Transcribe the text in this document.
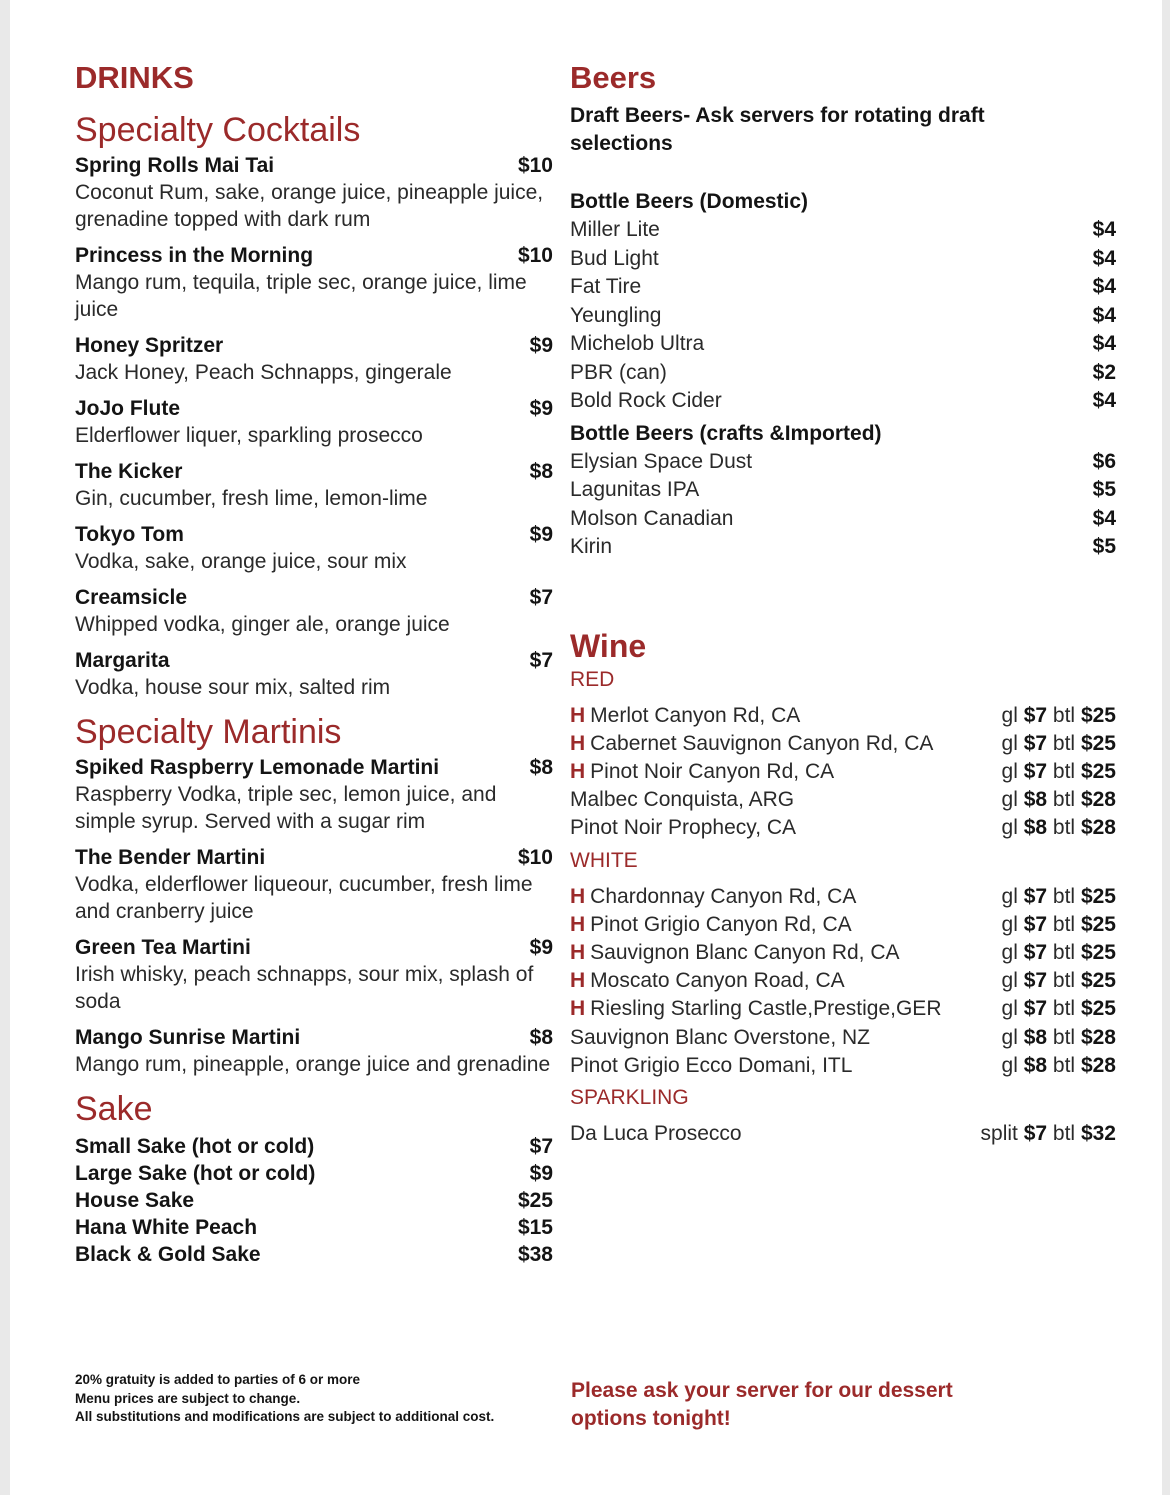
DRINKS
Specialty Cocktails
Spring Rolls Mai Tai	$10
Coconut Rum, sake, orange juice, pineapple juice, grenadine topped with dark rum
Princess in the Morning	$10
Mango rum, tequila, triple sec, orange juice, lime juice
Honey Spritzer	$9
Jack Honey, Peach Schnapps, gingerale
JoJo Flute	$9
Elderflower liquer, sparkling prosecco
The Kicker	$8
Gin, cucumber, fresh lime, lemon-lime
Tokyo Tom	$9
Vodka, sake, orange juice, sour mix
Creamsicle	$7
Whipped vodka, ginger ale, orange juice
Margarita	$7
Vodka, house sour mix, salted rim
Specialty Martinis
Spiked Raspberry Lemonade Martini	$8
Raspberry Vodka, triple sec, lemon juice, and simple syrup. Served with a sugar rim
The Bender Martini	$10
Vodka, elderflower liqueour, cucumber, fresh lime and cranberry juice
Green Tea Martini	$9
Irish whisky, peach schnapps, sour mix, splash of soda
Mango Sunrise Martini	$8
Mango rum, pineapple, orange juice and grenadine
Sake
Small Sake (hot or cold)	$7
Large Sake (hot or cold)	$9
House Sake	$25
Hana White Peach	$15
Black & Gold Sake	$38
20% gratuity is added to parties of 6 or more
Menu prices are subject to change.
All substitutions and modifications are subject to additional cost.
Beers
Draft Beers- Ask servers for rotating draft selections
Bottle Beers (Domestic)
Miller Lite	$4
Bud Light	$4
Fat Tire	$4
Yeungling	$4
Michelob Ultra	$4
PBR (can)	$2
Bold Rock Cider	$4
Bottle Beers (crafts &Imported)
Elysian Space Dust	$6
Lagunitas IPA	$5
Molson Canadian	$4
Kirin	$5
Wine
RED
H Merlot Canyon Rd, CA	gl $7 btl $25
H Cabernet Sauvignon Canyon Rd, CA	gl $7 btl $25
H Pinot Noir Canyon Rd, CA	gl $7 btl $25
Malbec Conquista, ARG	gl $8 btl $28
Pinot Noir Prophecy, CA	gl $8 btl $28
WHITE
H Chardonnay Canyon Rd, CA	gl $7 btl $25
H Pinot Grigio Canyon Rd, CA	gl $7 btl $25
H Sauvignon Blanc Canyon Rd, CA	gl $7 btl $25
H Moscato Canyon Road, CA	gl $7 btl $25
H Riesling Starling Castle,Prestige,GER	gl $7 btl $25
Sauvignon Blanc Overstone, NZ	gl $8 btl $28
Pinot Grigio Ecco Domani, ITL	gl $8 btl $28
SPARKLING
Da Luca Prosecco	split $7 btl $32
Please ask your server for our dessert options tonight!
